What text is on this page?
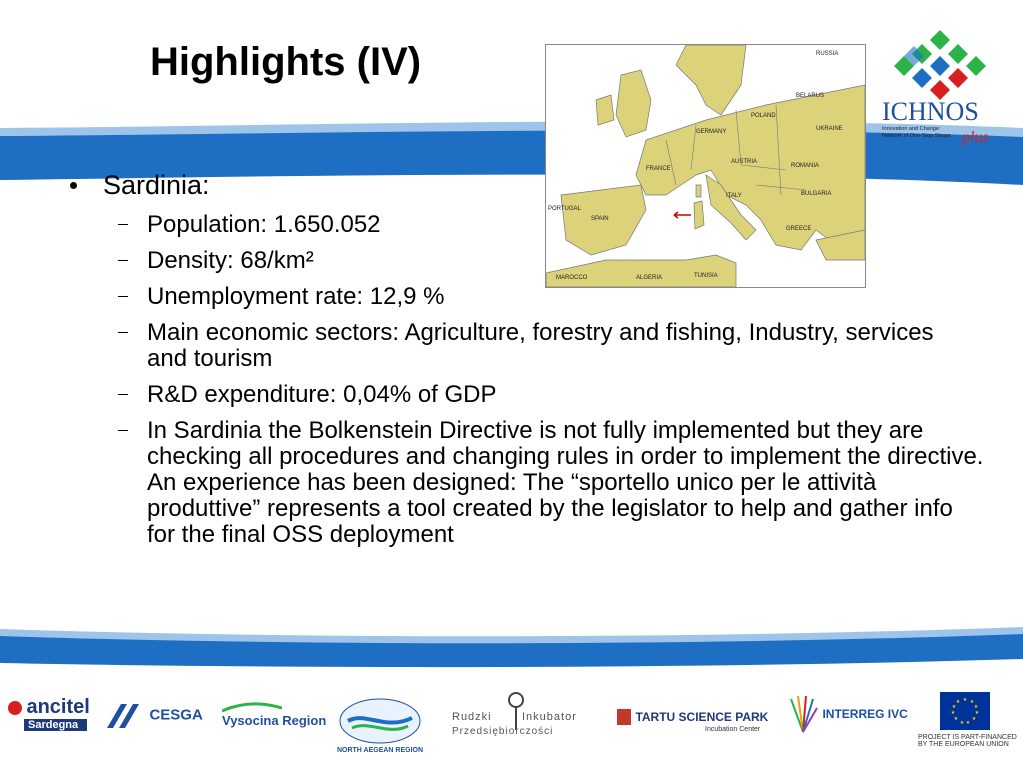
Highlights (IV)	RUSSIA
BELARUS
POLAND
GERMANY	UKRAINE
FRANCE
AUSTRIA
ROMANIA
BULGARIA
SPAIN
PORTUGAL
GREECE
ITALY
ALGERIA
MAROCCO	TUNISIA
ICHNOS
Innovation and Change:
Network of One-Stop Shops plus
Sardinia:
Population: 1.650.052
Density: 68/km²
Unemployment rate: 12,9 %
Main economic sectors: Agriculture, forestry and fishing, Industry, services and tourism
R&D expenditure: 0,04% of GDP
In Sardinia the Bolkenstein Directive is not fully implemented but they are checking all procedures and changing rules in order to implement the directive. An experience has been designed: The “sportello unico per le attività produttive” represents a tool created by the legislator to help and gather info for the final OSS deployment
ancitel
Sardegna
CESGA Vysocina Region
NORTH AEGEAN REGION
Rudzki	Inkubator
Przedsiębiorczości
TARTU SCIENCE PARK
Incubation Center
INTERREG IVC
★ ★
★
★
★
★
★
★
★
★
★
PROJECT IS PART-FINANCED
BY THE EUROPEAN UNION
